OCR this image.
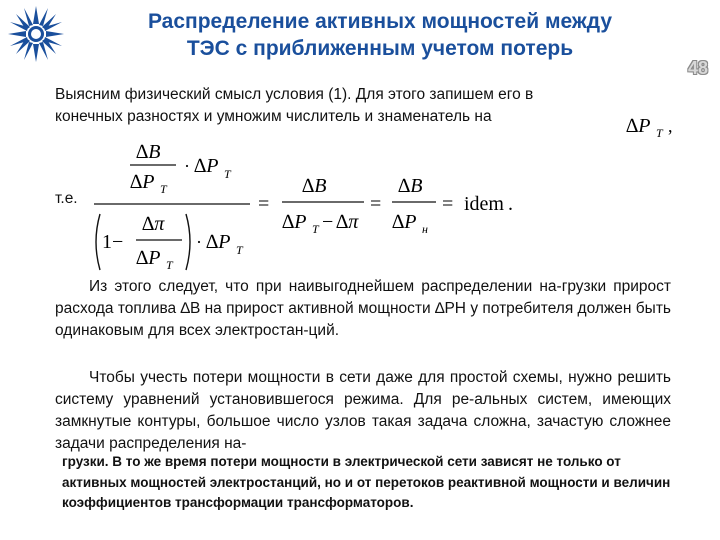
Распределение активных мощностей между
ТЭС с приближенным учетом потерь
48
Выясним физический смысл условия (1). Для этого запишем его в
конечных разностях и умножим числитель и знаменатель на	∆P T ,
т.е.
∆B
∆P T
· ∆P T
1−
∆π
∆P T
· ∆P T
=
∆B
∆P T − ∆π
=
∆B
∆P н
= idem .
Из этого следует, что при наивыгоднейшем распределении на-грузки прирост расхода топлива ∆B на прирост активной мощности ∆PН у потребителя должен быть одинаковым для всех электростан-ций.
Чтобы учесть потери мощности в сети даже для простой схемы, нужно решить систему уравнений установившегося режима. Для ре-альных систем, имеющих замкнутые контуры, большое число узлов такая задача сложна, зачастую сложнее задачи распределения на-
грузки. В то же время потери мощности в электрической сети зависят не только от активных мощностей электростанций, но и от перетоков реактивной мощности и величин коэффициентов трансформации трансформаторов.
